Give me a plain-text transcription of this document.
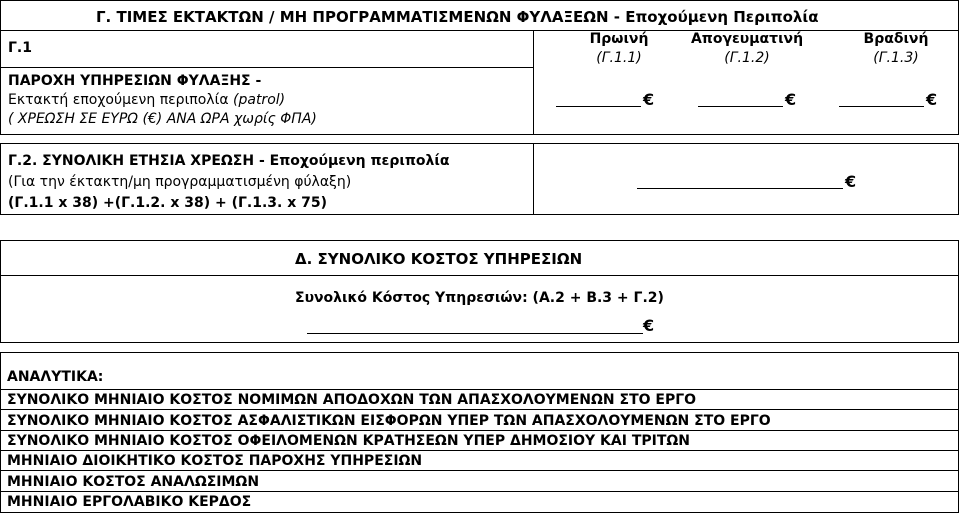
Γ. ΤΙΜΕΣ ΕΚΤΑΚΤΩΝ / ΜΗ ΠΡΟΓΡΑΜΜΑΤΙΣΜΕΝΩΝ ΦΥΛΑΞΕΩΝ - Εποχούμενη Περιπολία
Γ.1
Πρωινή
(Γ.1.1)
Απογευματινή
(Γ.1.2)
Βραδινή
(Γ.1.3)
ΠΑΡΟΧΗ ΥΠΗΡΕΣΙΩΝ ΦΥΛΑΞΗΣ -
Εκτακτή εποχούμενη περιπολία (patrol)
( ΧΡΕΩΣΗ ΣΕ ΕΥΡΩ (€) ΑΝΑ ΩΡΑ χωρίς ΦΠΑ)
€	€	€
Γ.2. ΣΥΝΟΛΙΚΗ ΕΤΗΣΙΑ ΧΡΕΩΣΗ - Εποχούμενη περιπολία
(Για την έκτακτη/μη προγραμματισμένη φύλαξη)
(Γ.1.1 x 38) +(Γ.1.2. x 38) + (Γ.1.3. x 75)
€
Δ. ΣΥΝΟΛΙΚΟ ΚΟΣΤΟΣ ΥΠΗΡΕΣΙΩΝ
Συνολικό Κόστος Υπηρεσιών: (Α.2 + Β.3 + Γ.2)
€
ΑΝΑΛΥΤΙΚΑ:
ΣΥΝΟΛΙΚΟ ΜΗΝΙΑΙΟ ΚΟΣΤΟΣ ΝΟΜΙΜΩΝ ΑΠΟΔΟΧΩΝ ΤΩΝ ΑΠΑΣΧΟΛΟΥΜΕΝΩΝ ΣΤΟ ΕΡΓΟ
ΣΥΝΟΛΙΚΟ ΜΗΝΙΑΙΟ ΚΟΣΤΟΣ ΑΣΦΑΛΙΣΤΙΚΩΝ ΕΙΣΦΟΡΩΝ ΥΠΕΡ ΤΩΝ ΑΠΑΣΧΟΛΟΥΜΕΝΩΝ ΣΤΟ ΕΡΓΟ
ΣΥΝΟΛΙΚΟ ΜΗΝΙΑΙΟ ΚΟΣΤΟΣ ΟΦΕΙΛΟΜΕΝΩΝ ΚΡΑΤΗΣΕΩΝ ΥΠΕΡ ΔΗΜΟΣΙΟΥ ΚΑΙ ΤΡΙΤΩΝ
ΜΗΝΙΑΙΟ ΔΙΟΙΚΗΤΙΚΟ ΚΟΣΤΟΣ ΠΑΡΟΧΗΣ ΥΠΗΡΕΣΙΩΝ
ΜΗΝΙΑΙΟ ΚΟΣΤΟΣ ΑΝΑΛΩΣΙΜΩΝ
ΜΗΝΙΑΙΟ ΕΡΓΟΛΑΒΙΚΟ ΚΕΡΔΟΣ
